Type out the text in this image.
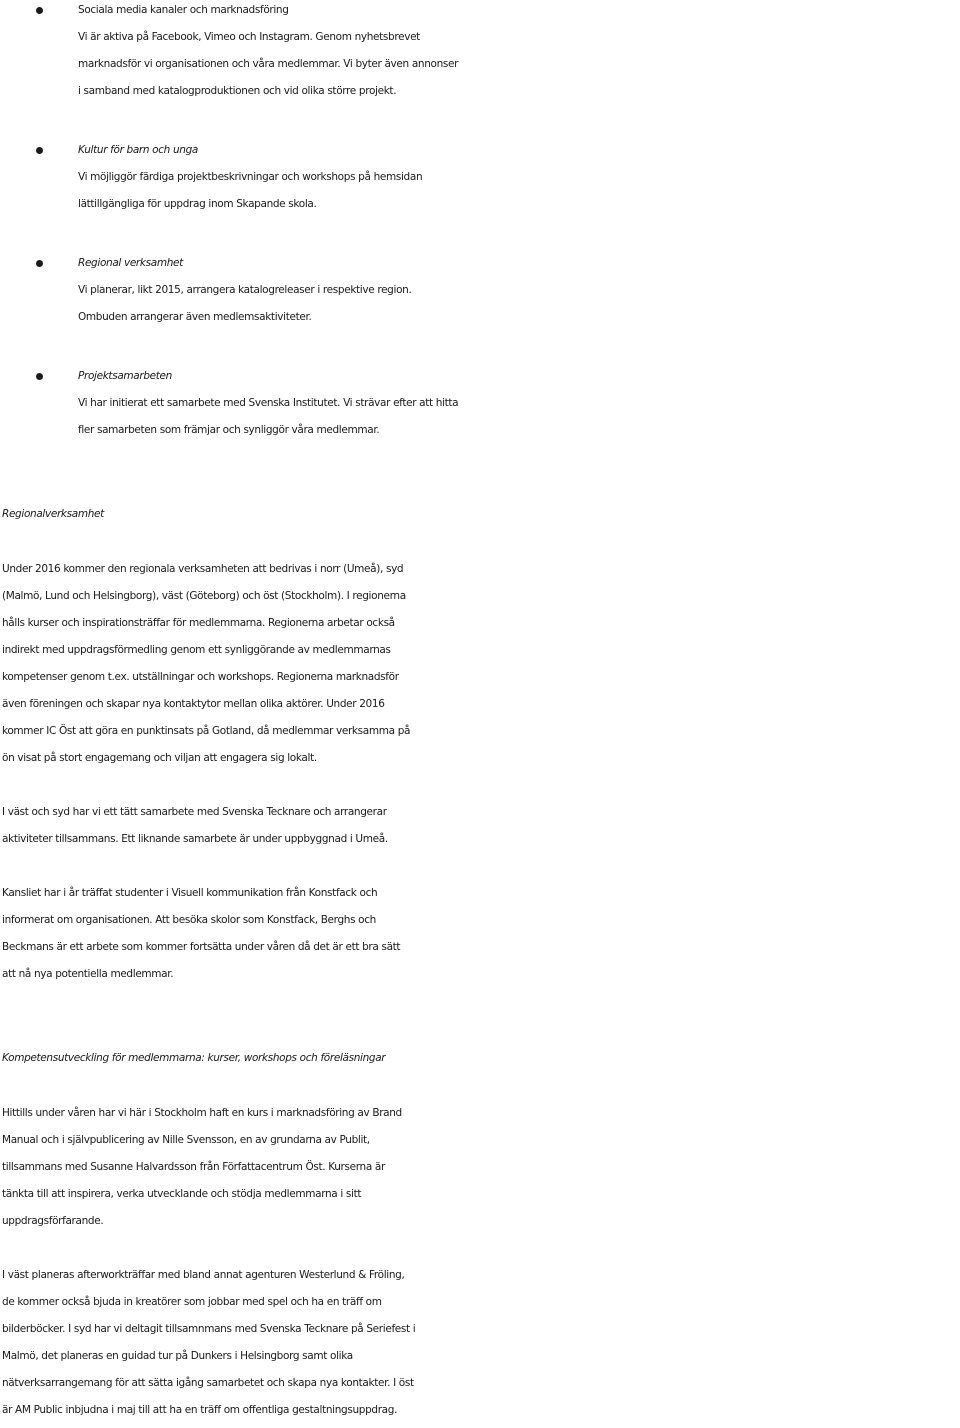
Sociala media kanaler och marknadsföring
Vi är aktiva på Facebook, Vimeo och Instagram. Genom nyhetsbrevet
marknadsför vi organisationen och våra medlemmar. Vi byter även annonser
i samband med katalogproduktionen och vid olika större projekt.
Kultur för barn och unga
Vi möjliggör färdiga projektbeskrivningar och workshops på hemsidan
lättillgängliga för uppdrag inom Skapande skola.
Regional verksamhet
Vi planerar, likt 2015, arrangera katalogreleaser i respektive region.
Ombuden arrangerar även medlemsaktiviteter.
Projektsamarbeten
Vi har initierat ett samarbete med Svenska Institutet. Vi strävar efter att hitta
fler samarbeten som främjar och synliggör våra medlemmar.
Regionalverksamhet

Under 2016 kommer den regionala verksamheten att bedrivas i norr (Umeå), syd
(Malmö, Lund och Helsingborg), väst (Göteborg) och öst (Stockholm). I regionerna
hålls kurser och inspirationsträffar för medlemmarna. Regionerna arbetar också
indirekt med uppdragsförmedling genom ett synliggörande av medlemmarnas
kompetenser genom t.ex. utställningar och workshops. Regionerna marknadsför
även föreningen och skapar nya kontaktytor mellan olika aktörer. Under 2016
kommer IC Öst att göra en punktinsats på Gotland, då medlemmar verksamma på
ön visat på stort engagemang och viljan att engagera sig lokalt.

I väst och syd har vi ett tätt samarbete med Svenska Tecknare och arrangerar
aktiviteter tillsammans. Ett liknande samarbete är under uppbyggnad i Umeå.

Kansliet har i år träffat studenter i Visuell kommunikation från Konstfack och
informerat om organisationen. Att besöka skolor som Konstfack, Berghs och
Beckmans är ett arbete som kommer fortsätta under våren då det är ett bra sätt
att nå nya potentiella medlemmar.

Kompetensutveckling för medlemmarna: kurser, workshops och föreläsningar

Hittills under våren har vi här i Stockholm haft en kurs i marknadsföring av Brand
Manual och i självpublicering av Nille Svensson, en av grundarna av Publit,
tillsammans med Susanne Halvardsson från Författacentrum Öst. Kurserna är
tänkta till att inspirera, verka utvecklande och stödja medlemmarna i sitt
uppdragsförfarande.

I väst planeras afterworkträffar med bland annat agenturen Westerlund & Fröling,
de kommer också bjuda in kreatörer som jobbar med spel och ha en träff om
bilderböcker. I syd har vi deltagit tillsamnmans med Svenska Tecknare på Seriefest i
Malmö, det planeras en guidad tur på Dunkers i Helsingborg samt olika
nätverksarrangemang för att sätta igång samarbetet och skapa nya kontakter. I öst
är AM Public inbjudna i maj till att ha en träff om offentliga gestaltningsuppdrag.
